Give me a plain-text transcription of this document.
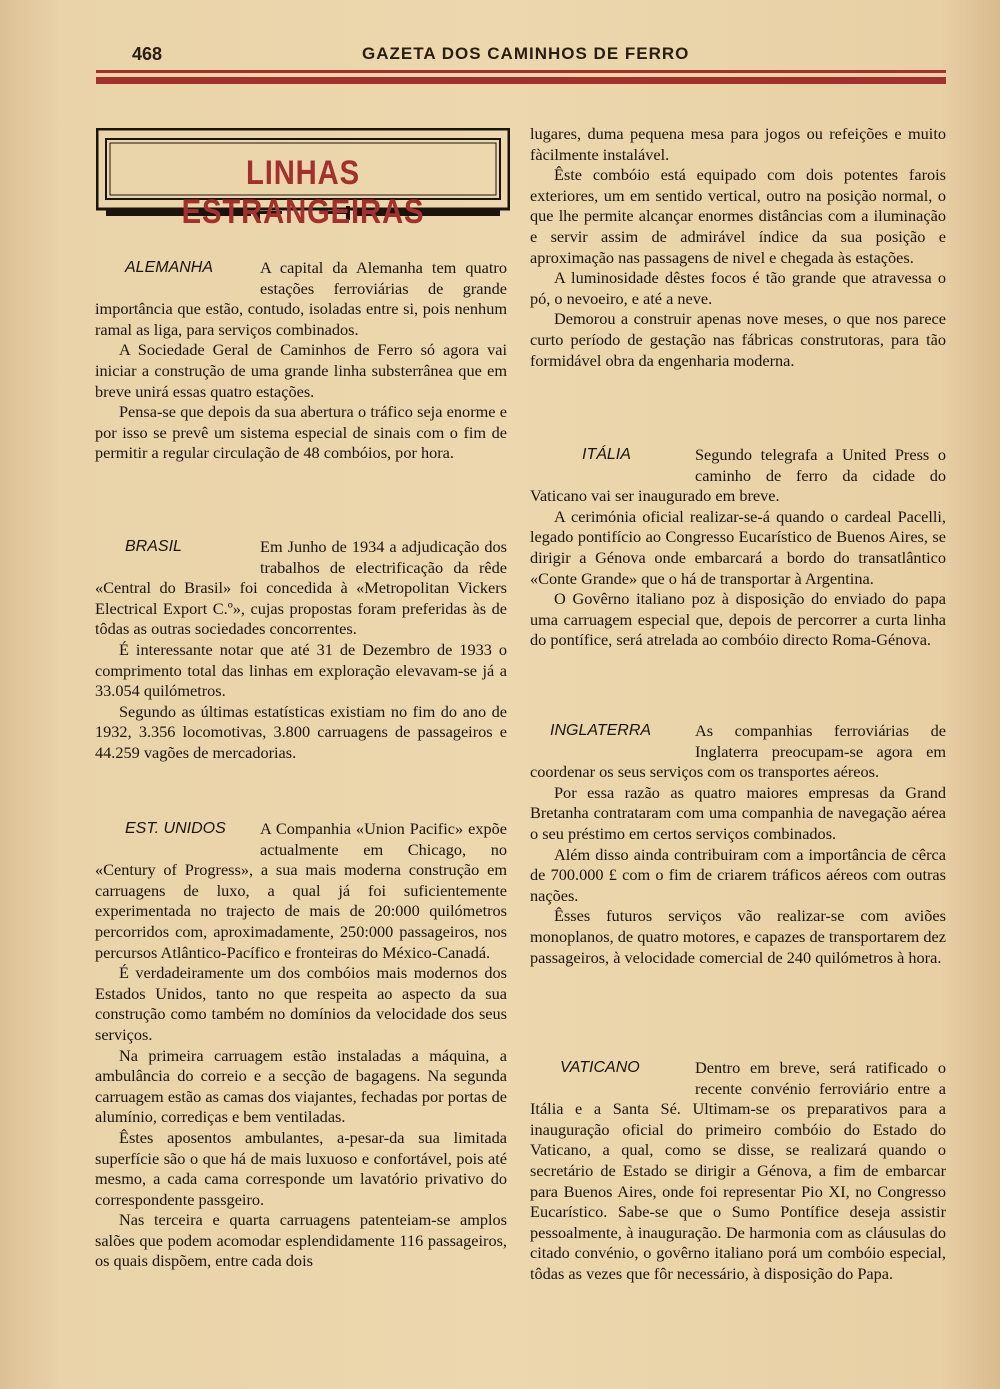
468	GAZETA DOS CAMINHOS DE FERRO
LINHAS ESTRANGEIRAS
ALEMANHA	A capital da Alemanha tem quatro estações ferroviárias de grande importância que estão, contudo, isoladas entre si, pois nenhum ramal as liga, para serviços combinados.

A Sociedade Geral de Caminhos de Ferro só agora vai iniciar a construção de uma grande linha substerrânea que em breve unirá essas quatro estações.

Pensa-se que depois da sua abertura o tráfico seja enorme e por isso se prevê um sistema especial de sinais com o fim de permitir a regular circulação de 48 combóios, por hora.

BRASIL	Em Junho de 1934 a adjudicação dos trabalhos de electrificação da rêde «Central do Brasil» foi concedida à «Metropolitan Vickers Electrical Export C.º», cujas propostas foram preferidas às de tôdas as outras sociedades concorrentes.

É interessante notar que até 31 de Dezembro de 1933 o comprimento total das linhas em exploração elevavam-se já a 33.054 quilómetros.

Segundo as últimas estatísticas existiam no fim do ano de 1932, 3.356 locomotivas, 3.800 carruagens de passageiros e 44.259 vagões de mercadorias.

EST. UNIDOS	A Companhia «Union Pacific» expõe actualmente em Chicago, no «Century of Progress», a sua mais moderna construção em carruagens de luxo, a qual já foi suficientemente experimentada no trajecto de mais de 20:000 quilómetros percorridos com, aproximadamente, 250:000 passageiros, nos percursos Atlântico-Pacífico e fronteiras do México-Canadá.

É verdadeiramente um dos combóios mais modernos dos Estados Unidos, tanto no que respeita ao aspecto da sua construção como também no domínios da velocidade dos seus serviços.

Na primeira carruagem estão instaladas a máquina, a ambulância do correio e a secção de bagagens. Na segunda carruagem estão as camas dos viajantes, fechadas por portas de alumínio, corrediças e bem ventiladas.

Êstes aposentos ambulantes, a-pesar-da sua limitada superfície são o que há de mais luxuoso e confortável, pois até mesmo, a cada cama corresponde um lavatório privativo do correspondente passgeiro.

Nas terceira e quarta carruagens patenteiam-se amplos salões que podem acomodar esplendidamente 116 passageiros, os quais dispõem, entre cada dois

lugares, duma pequena mesa para jogos ou refeições e muito fàcilmente instalável.

Êste combóio está equipado com dois potentes farois exteriores, um em sentido vertical, outro na posição normal, o que lhe permite alcançar enormes distâncias com a iluminação e servir assim de admirável índice da sua posição e aproximação nas passagens de nivel e chegada às estações.

A luminosidade dêstes focos é tão grande que atravessa o pó, o nevoeiro, e até a neve.

Demorou a construir apenas nove meses, o que nos parece curto período de gestação nas fábricas construtoras, para tão formidável obra da engenharia moderna.

ITÁLIA	Segundo telegrafa a United Press o caminho de ferro da cidade do Vaticano vai ser inaugurado em breve.

A cerimónia oficial realizar-se-á quando o cardeal Pacelli, legado pontifício ao Congresso Eucarístico de Buenos Aires, se dirigir a Génova onde embarcará a bordo do transatlântico «Conte Grande» que o há de transportar à Argentina.

O Govêrno italiano poz à disposição do enviado do papa uma carruagem especial que, depois de percorrer a curta linha do pontífice, será atrelada ao combóio directo Roma-Génova.

INGLATERRA	As companhias ferroviárias de Inglaterra preocupam-se agora em coordenar os seus serviços com os transportes aéreos.

Por essa razão as quatro maiores empresas da Grand Bretanha contrataram com uma companhia de navegação aérea o seu préstimo em certos serviços combinados.

Além disso ainda contribuiram com a importância de cêrca de 700.000 £ com o fim de criarem tráficos aéreos com outras nações.

Êsses futuros serviços vão realizar-se com aviões monoplanos, de quatro motores, e capazes de transportarem dez passageiros, à velocidade comercial de 240 quilómetros à hora.

VATICANO	Dentro em breve, será ratificado o recente convénio ferroviário entre a Itália e a Santa Sé. Ultimam-se os preparativos para a inauguração oficial do primeiro combóio do Estado do Vaticano, a qual, como se disse, se realizará quando o secretário de Estado se dirigir a Génova, a fim de embarcar para Buenos Aires, onde foi representar Pio XI, no Congresso Eucarístico. Sabe-se que o Sumo Pontífice deseja assistir pessoalmente, à inauguração. De harmonia com as cláusulas do citado convénio, o govêrno italiano porá um combóio especial, tôdas as vezes que fôr necessário, à disposição do Papa.
